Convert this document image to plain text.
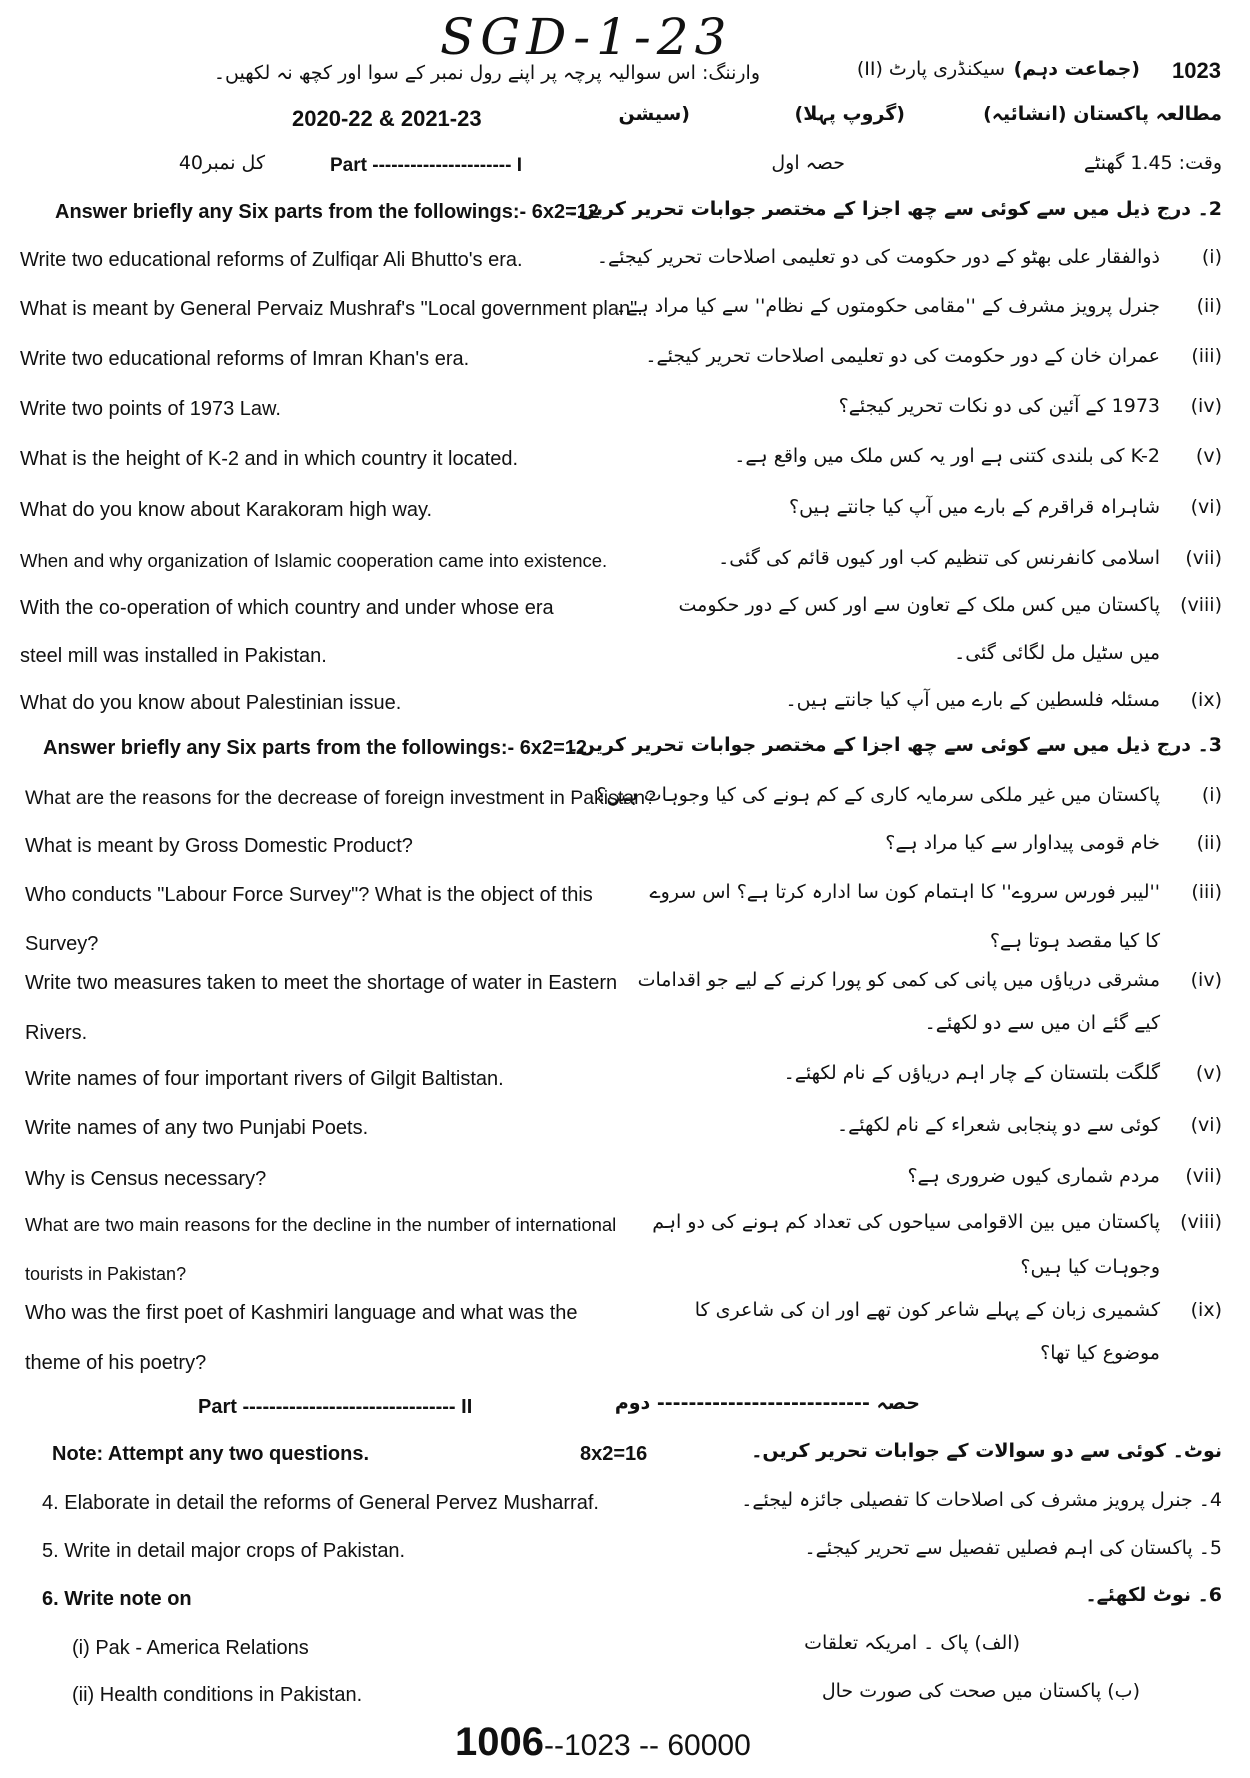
SGD-1-23
1023
(جماعت دہم)
سیکنڈری پارٹ (II)
وارننگ: اس سوالیہ پرچہ پر اپنے رول نمبر کے سوا اور کچھ نہ لکھیں۔
مطالعہ پاکستان (انشائیہ)
(گروپ پہلا)
(سیشن
2020-22 & 2021-23
وقت: 1.45 گھنٹے
حصہ اول
Part ---------------------- I
کل نمبر40
Answer briefly any Six parts from the followings:- 6x2=12
2۔ درج ذیل میں سے کوئی سے چھ اجزا کے مختصر جوابات تحریر کریں۔
Write two educational reforms of Zulfiqar Ali Bhutto's era.	(i)
ذوالفقار علی بھٹو کے دور حکومت کی دو تعلیمی اصلاحات تحریر کیجئے۔
What is meant by General Pervaiz Mushraf's "Local government plan".	(ii)
جنرل پرویز مشرف کے ''مقامی حکومتوں کے نظام'' سے کیا مراد ہے۔
Write two educational reforms of Imran Khan's era.	(iii)
عمران خان کے دور حکومت کی دو تعلیمی اصلاحات تحریر کیجئے۔
Write two points of 1973 Law.	(iv)
1973 کے آئین کی دو نکات تحریر کیجئے؟
What is the height of K-2 and in which country it located.	(v)
K-2 کی بلندی کتنی ہے اور یہ کس ملک میں واقع ہے۔
What do you know about Karakoram high way.	(vi)
شاہراہ قراقرم کے بارے میں آپ کیا جانتے ہیں؟
When and why organization of Islamic cooperation came into existence.	(vii)
اسلامی کانفرنس کی تنظیم کب اور کیوں قائم کی گئی۔
With the co-operation of which country and under whose era
steel mill was installed in Pakistan.
(viii)
پاکستان میں کس ملک کے تعاون سے اور کس کے دور حکومت
میں سٹیل مل لگائی گئی۔
What do you know about Palestinian issue.	(ix)
مسئلہ فلسطین کے بارے میں آپ کیا جانتے ہیں۔
Answer briefly any Six parts from the followings:- 6x2=12
3۔ درج ذیل میں سے کوئی سے چھ اجزا کے مختصر جوابات تحریر کریں۔
What are the reasons for the decrease of foreign investment in Pakistan?	(i)
پاکستان میں غیر ملکی سرمایہ کاری کے کم ہونے کی کیا وجوہات ہیں؟
What is meant by Gross Domestic Product?	(ii)
خام قومی پیداوار سے کیا مراد ہے؟
Who conducts "Labour Force Survey"? What is the object of this
Survey?
(iii)
''لیبر فورس سروے'' کا اہتمام کون سا ادارہ کرتا ہے؟ اس سروے
کا کیا مقصد ہوتا ہے؟
Write two measures taken to meet the shortage of water in Eastern
Rivers.
(iv)
مشرقی دریاؤں میں پانی کی کمی کو پورا کرنے کے لیے جو اقدامات
کیے گئے ان میں سے دو لکھئے۔
Write names of four important rivers of Gilgit Baltistan.	(v)
گلگت بلتستان کے چار اہم دریاؤں کے نام لکھئے۔
Write names of any two Punjabi Poets.	(vi)
کوئی سے دو پنجابی شعراء کے نام لکھئے۔
Why is Census necessary?	(vii)
مردم شماری کیوں ضروری ہے؟
What are two main reasons for the decline in the number of international
tourists in Pakistan?
(viii)
پاکستان میں بین الاقوامی سیاحوں کی تعداد کم ہونے کی دو اہم
وجوہات کیا ہیں؟
Who was the first poet of Kashmiri language and what was the
theme of his poetry?
(ix)
کشمیری زبان کے پہلے شاعر کون تھے اور ان کی شاعری کا
موضوع کیا تھا؟
Part -------------------------------- II	حصہ --------------------------- دوم
Note: Attempt any two questions.	8x2=16	نوٹ۔ کوئی سے دو سوالات کے جوابات تحریر کریں۔
4. Elaborate in detail the reforms of General Pervez Musharraf.	4۔ جنرل پرویز مشرف کی اصلاحات کا تفصیلی جائزہ لیجئے۔
5. Write in detail major crops of Pakistan.	5۔ پاکستان کی اہم فصلیں تفصیل سے تحریر کیجئے۔
6. Write note on	6۔ نوٹ لکھئے۔
(i) Pak - America Relations	(الف) پاک ۔ امریکہ تعلقات
(ii) Health conditions in Pakistan.	(ب) پاکستان میں صحت کی صورت حال
1006--1023 -- 60000
